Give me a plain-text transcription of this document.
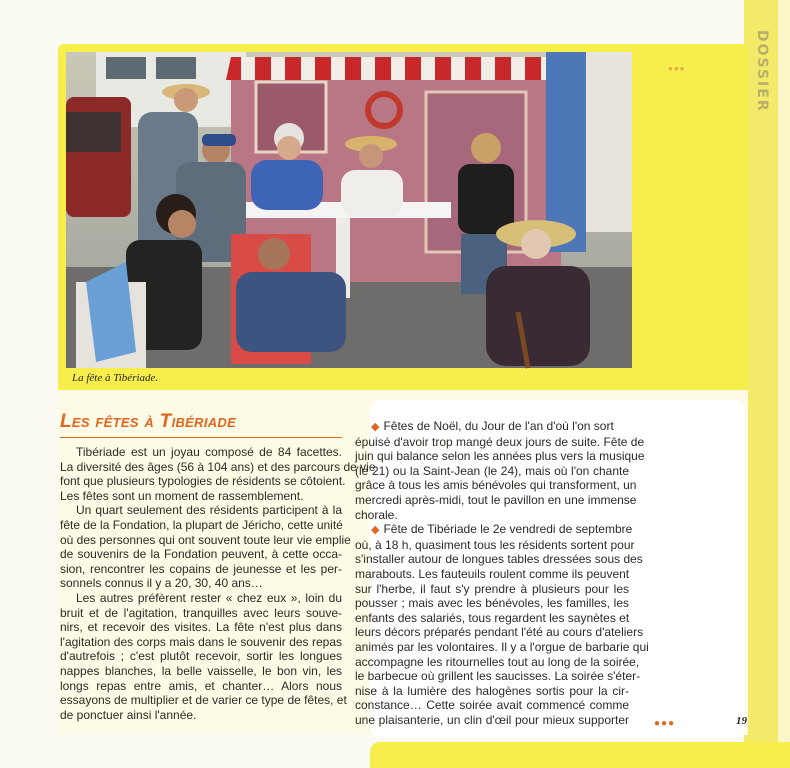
DOSSIER
●●●
La fête à Tibériade.
Les fêtes à Tibériade
Tibériade est un joyau composé de 84 facettes.
La diversité des âges (56 à 104 ans) et des parcours de vie
font que plusieurs typologies de résidents se côtoient.
Les fêtes sont un moment de rassemblement.
Un quart seulement des résidents participent à la
fête de la Fondation, la plupart de Jéricho, cette unité
où des personnes qui ont souvent toute leur vie emplie
de souvenirs de la Fondation peuvent, à cette occa-
sion, rencontrer les copains de jeunesse et les per-
sonnels connus il y a 20, 30, 40 ans…
Les autres préfèrent rester « chez eux », loin du
bruit et de l'agitation, tranquilles avec leurs souve-
nirs, et recevoir des visites. La fête n'est plus dans
l'agitation des corps mais dans le souvenir des repas
d'autrefois ; c'est plutôt recevoir, sortir les longues
nappes blanches, la belle vaisselle, le bon vin, les
longs repas entre amis, et chanter… Alors nous
essayons de multiplier et de varier ce type de fêtes, et
de ponctuer ainsi l'année.
◆ Fêtes de Noël, du Jour de l'an d'où l'on sort
épuisé d'avoir trop mangé deux jours de suite. Fête de
juin qui balance selon les années plus vers la musique
(le 21) ou la Saint-Jean (le 24), mais où l'on chante
grâce à tous les amis bénévoles qui transforment, un
mercredi après-midi, tout le pavillon en une immense
chorale.
◆ Fête de Tibériade le 2e vendredi de septembre
où, à 18 h, quasiment tous les résidents sortent pour
s'installer autour de longues tables dressées sous des
marabouts. Les fauteuils roulent comme ils peuvent
sur l'herbe, il faut s'y prendre à plusieurs pour les
pousser ; mais avec les bénévoles, les familles, les
enfants des salariés, tous regardent les saynètes et
leurs décors préparés pendant l'été au cours d'ateliers
animés par les volontaires. Il y a l'orgue de barbarie qui
accompagne les ritournelles tout au long de la soirée,
le barbecue où grillent les saucisses. La soirée s'éter-
nise à la lumière des halogènes sortis pour la cir-
constance… Cette soirée avait commencé comme
une plaisanterie, un clin d'œil pour mieux supporter	●●●	19
